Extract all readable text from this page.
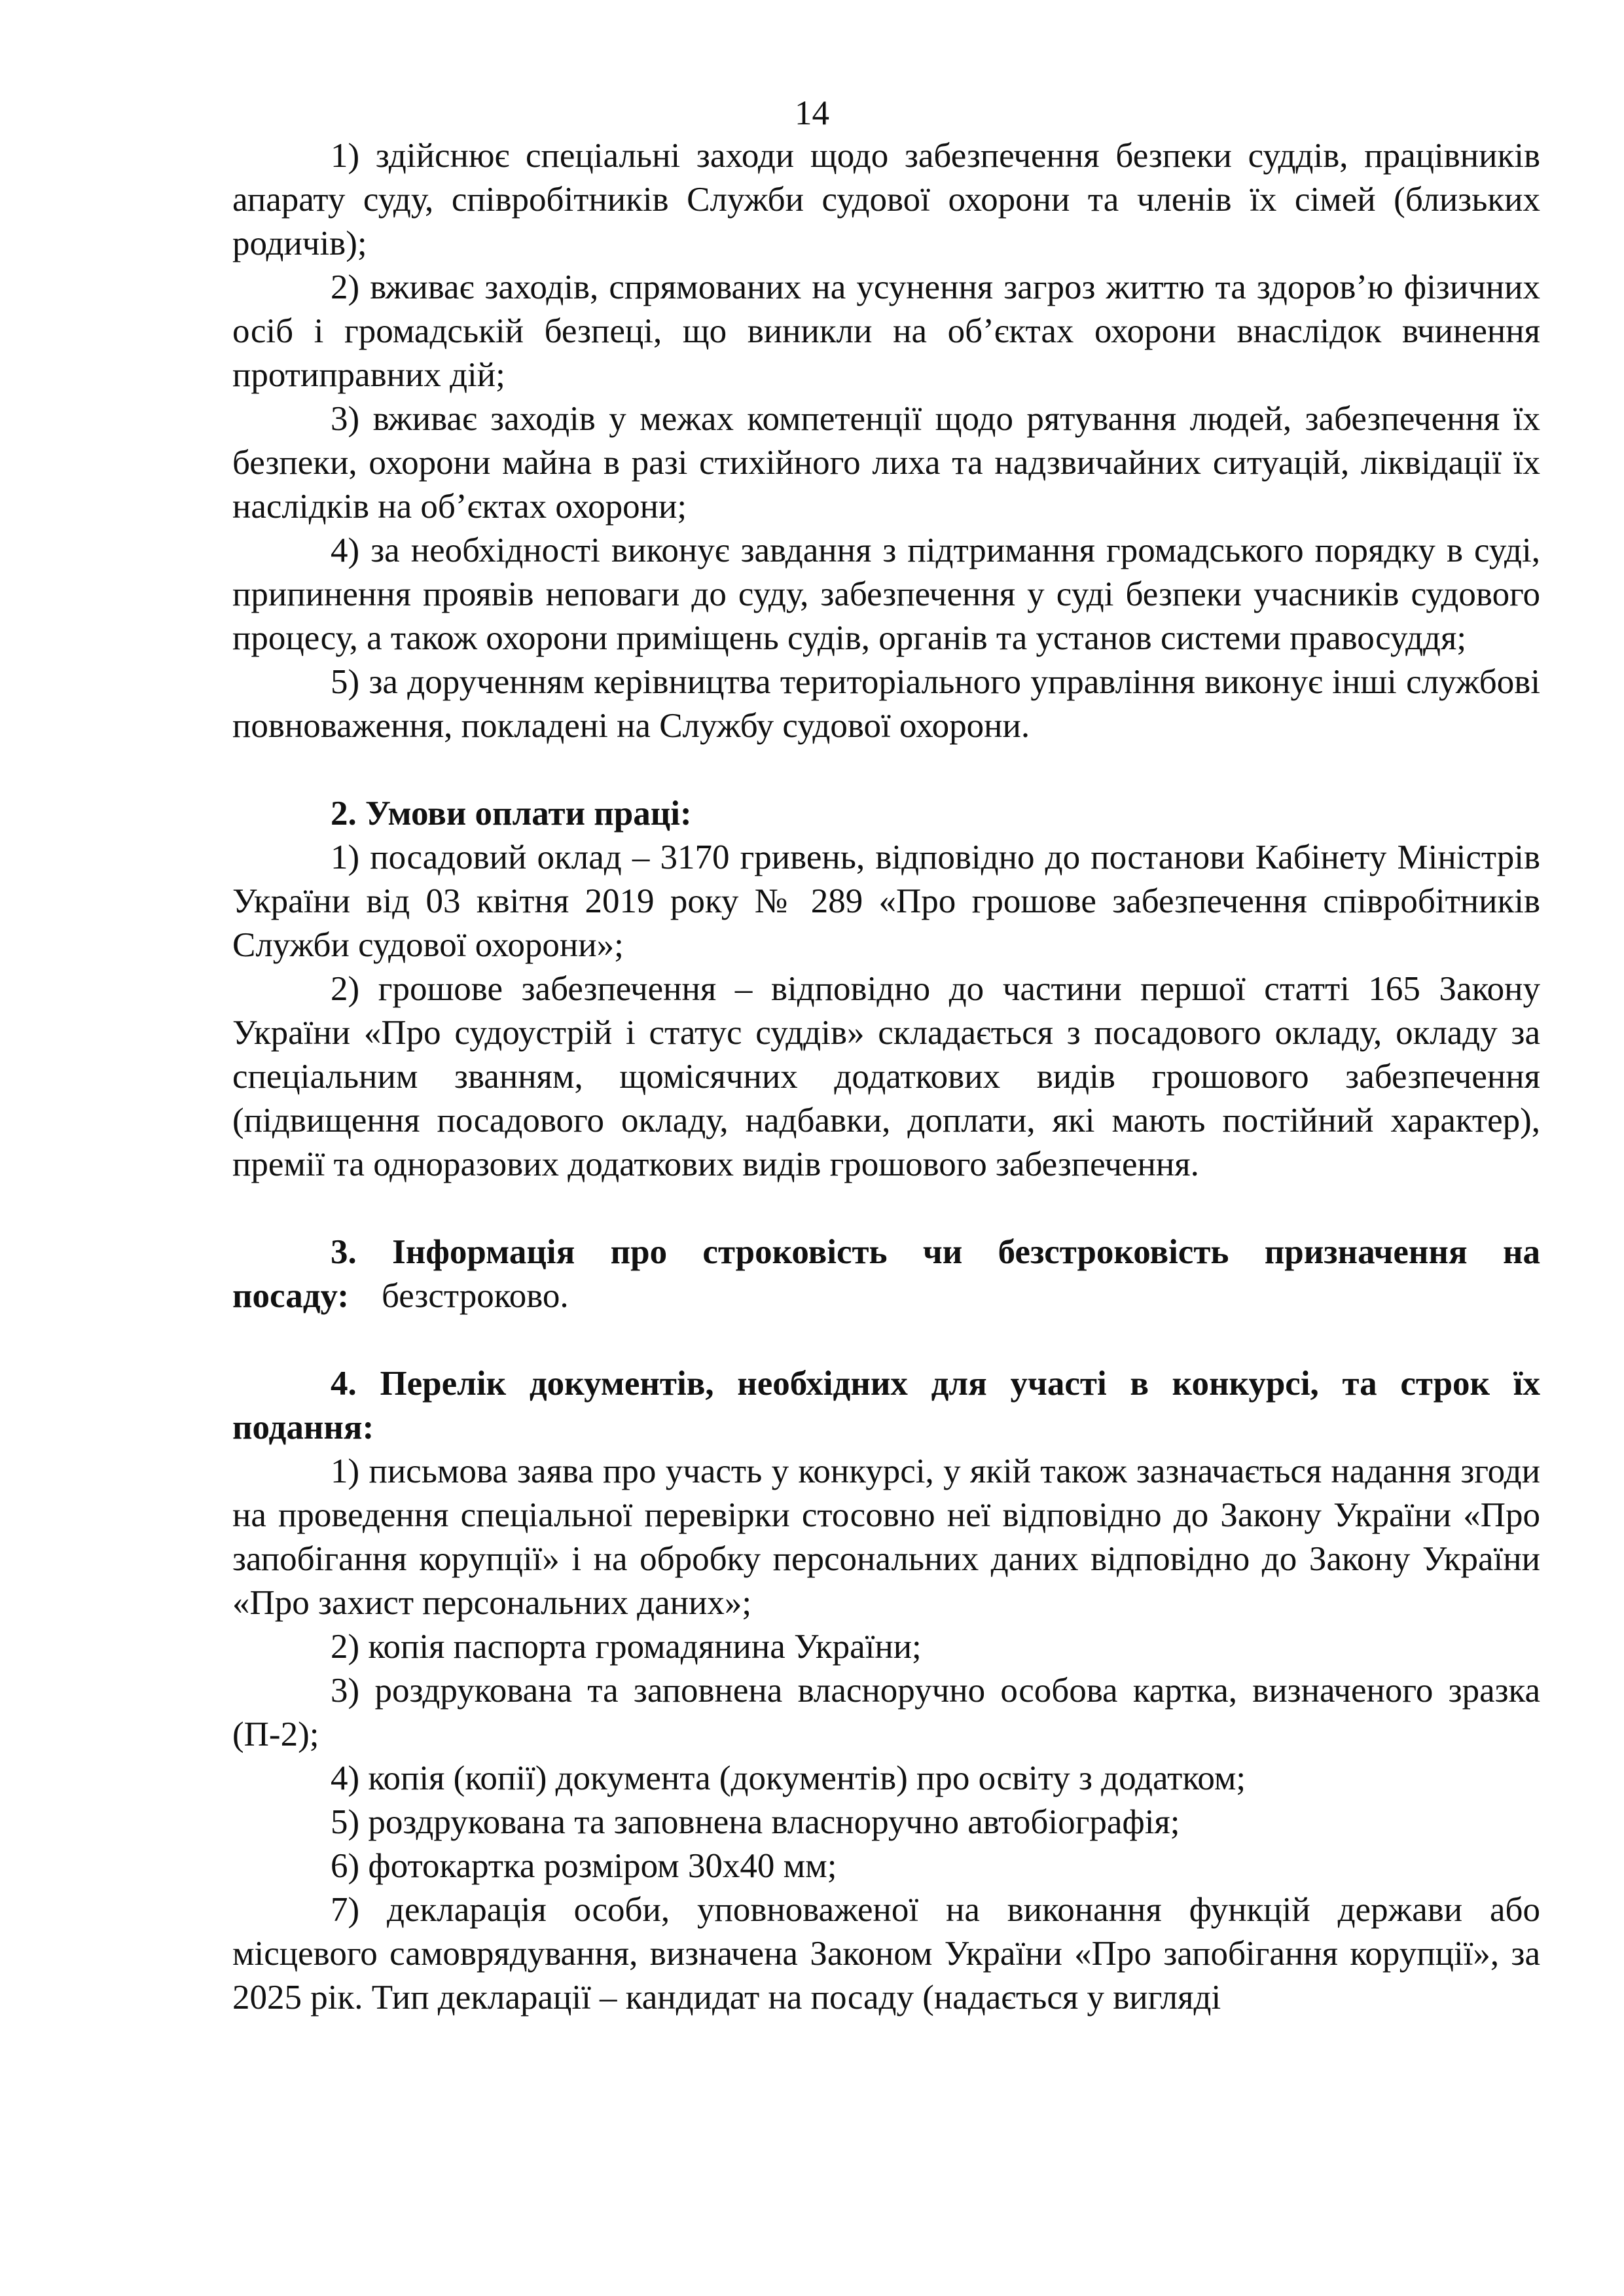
14

1) здійснює спеціальні заходи щодо забезпечення безпеки суддів, працівників апарату суду, співробітників Служби судової охорони та членів їх сімей (близьких родичів);

2) вживає заходів, спрямованих на усунення загроз життю та здоров’ю фізичних осіб і громадській безпеці, що виникли на об’єктах охорони внаслідок вчинення протиправних дій;

3) вживає заходів у межах компетенції щодо рятування людей, забезпечення їх безпеки, охорони майна в разі стихійного лиха та надзвичайних ситуацій, ліквідації їх наслідків на об’єктах охорони;

4) за необхідності виконує завдання з підтримання громадського порядку в суді, припинення проявів неповаги до суду, забезпечення у суді безпеки учасників судового процесу, а також охорони приміщень судів, органів та установ системи правосуддя;

5) за дорученням керівництва територіального управління виконує інші службові повноваження, покладені на Службу судової охорони.

2. Умови оплати праці:

1) посадовий оклад – 3170 гривень, відповідно до постанови Кабінету Міністрів України від 03 квітня 2019 року № 289 «Про грошове забезпечення співробітників Служби судової охорони»;

2) грошове забезпечення – відповідно до частини першої статті 165 Закону України «Про судоустрій і статус суддів» складається з посадового окладу, окладу за спеціальним званням, щомісячних додаткових видів грошового забезпечення (підвищення посадового окладу, надбавки, доплати, які мають постійний характер), премії та одноразових додаткових видів грошового забезпечення.

3. Інформація про строковість чи безстроковість призначення на посаду: безстроково.

4. Перелік документів, необхідних для участі в конкурсі, та строк їх подання:

1) письмова заява про участь у конкурсі, у якій також зазначається надання згоди на проведення спеціальної перевірки стосовно неї відповідно до Закону України «Про запобігання корупції» і на обробку персональних даних відповідно до Закону України «Про захист персональних даних»;

2) копія паспорта громадянина України;

3) роздрукована та заповнена власноручно особова картка, визначеного зразка (П-2);

4) копія (копії) документа (документів) про освіту з додатком;

5) роздрукована та заповнена власноручно автобіографія;

6) фотокартка розміром 30х40 мм;

7) декларація особи, уповноваженої на виконання функцій держави або місцевого самоврядування, визначена Законом України «Про запобігання корупції», за 2025 рік. Тип декларації – кандидат на посаду (надається у вигляді
